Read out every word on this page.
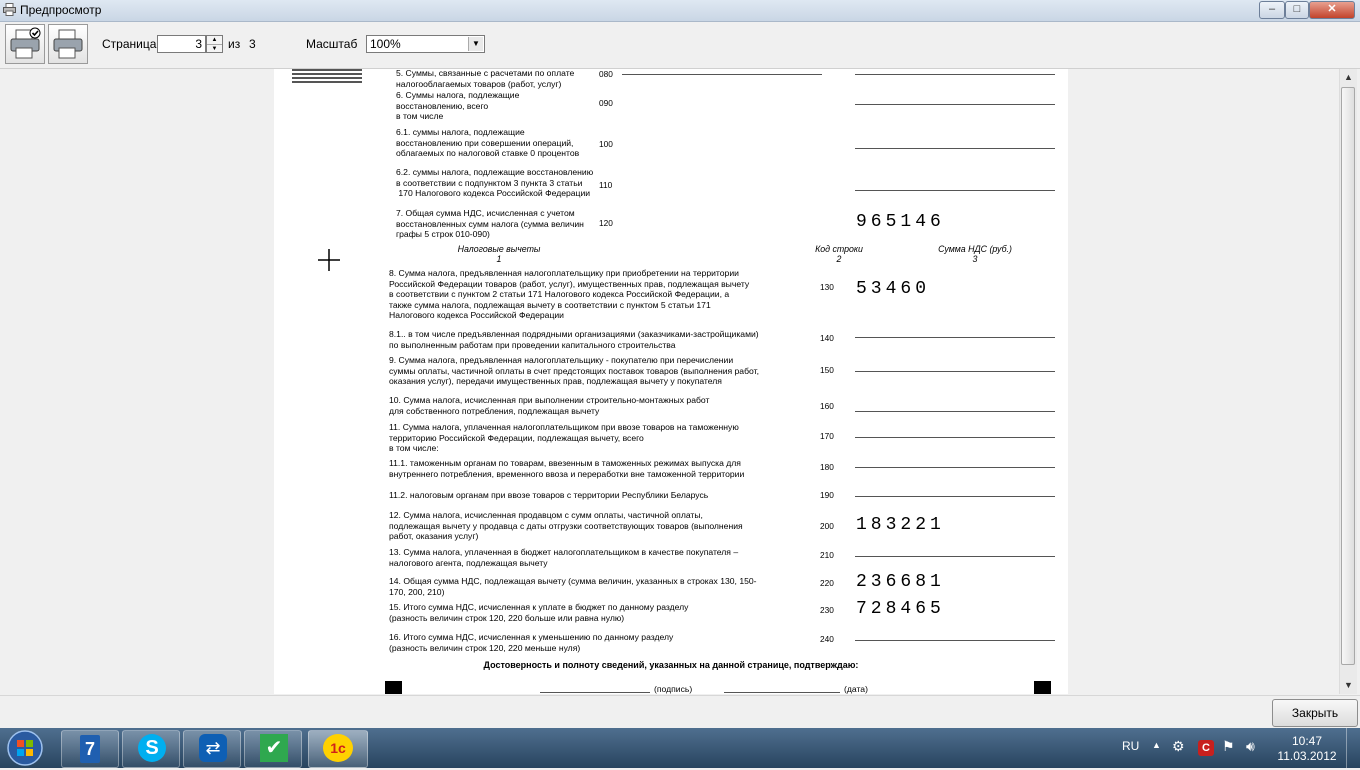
Предпросмотр	–	□	✕
Страница	3	▲
▼ из 3	Масштаб	100%	▼
5. Суммы, связанные с расчетами по оплате
налогооблагаемых товаров (работ, услуг)
080
6. Суммы налога, подлежащие
восстановлению, всего
в том числе
090
6.1. суммы налога, подлежащие
восстановлению при совершении операций,
облагаемых по налоговой ставке 0 процентов
100
6.2. суммы налога, подлежащие восстановлению
в соответствии с подпунктом 3 пункта 3 статьи
170 Налогового кодекса Российской Федерации
110
7. Общая сумма НДС, исчисленная с учетом
восстановленных сумм налога (сумма величин
графы 5 строк 010-090)
120	965146
Налоговые вычеты
1
Код строки
2
Сумма НДС (руб.)
3
8. Сумма налога, предъявленная налогоплательщику при приобретении на территории
Российской Федерации товаров (работ, услуг), имущественных прав, подлежащая вычету
в соответствии с пунктом 2 статьи 171 Налогового кодекса Российской Федерации, а
также сумма налога, подлежащая вычету в соответствии с пунктом 5 статьи 171
Налогового кодекса Российской Федерации
130 53460
8.1.. в том числе предъявленная подрядными организациями (заказчиками-застройщиками)
по выполненным работам при проведении капитального строительства
140
9. Сумма налога, предъявленная налогоплательщику - покупателю при перечислении
суммы оплаты, частичной оплаты в счет предстоящих поставок товаров (выполнения работ,
оказания услуг), передачи имущественных прав, подлежащая вычету у покупателя
150
10. Сумма налога, исчисленная при выполнении строительно-монтажных работ
для собственного потребления, подлежащая вычету	160
11. Сумма налога, уплаченная налогоплательщиком при ввозе товаров на таможенную
территорию Российской Федерации, подлежащая вычету, всего
в том числе:
170
11.1. таможенным органам по товарам, ввезенным в таможенных режимах выпуска для
внутреннего потребления, временного ввоза и переработки вне таможенной территории
180
11.2. налоговым органам при ввозе товаров с территории Республики Беларусь	190
12. Сумма налога, исчисленная продавцом с сумм оплаты, частичной оплаты,
подлежащая вычету у продавца с даты отгрузки соответствующих товаров (выполнения
работ, оказания услуг)
200 183221
13. Сумма налога, уплаченная в бюджет налогоплательщиком в качестве покупателя –
налогового агента, подлежащая вычету
210
14. Общая сумма НДС, подлежащая вычету (сумма величин, указанных в строках 130, 150-
170, 200, 210)
220 236681
15. Итого сумма НДС, исчисленная к уплате в бюджет по данному разделу
(разность величин строк 120, 220 больше или равна нулю)
230 728465
16. Итого сумма НДС, исчисленная к уменьшению по данному разделу
(разность величин строк 120, 220 меньше нуля)
240
Достоверность и полноту сведений, указанных на данной странице, подтверждаю:
(подпись)	(дата)
▲
▼
Закрыть
7	S	⇄	✔	1с	RU ▲ ⚙	C ⚑ 🔊︎	10:47
11.03.2012
